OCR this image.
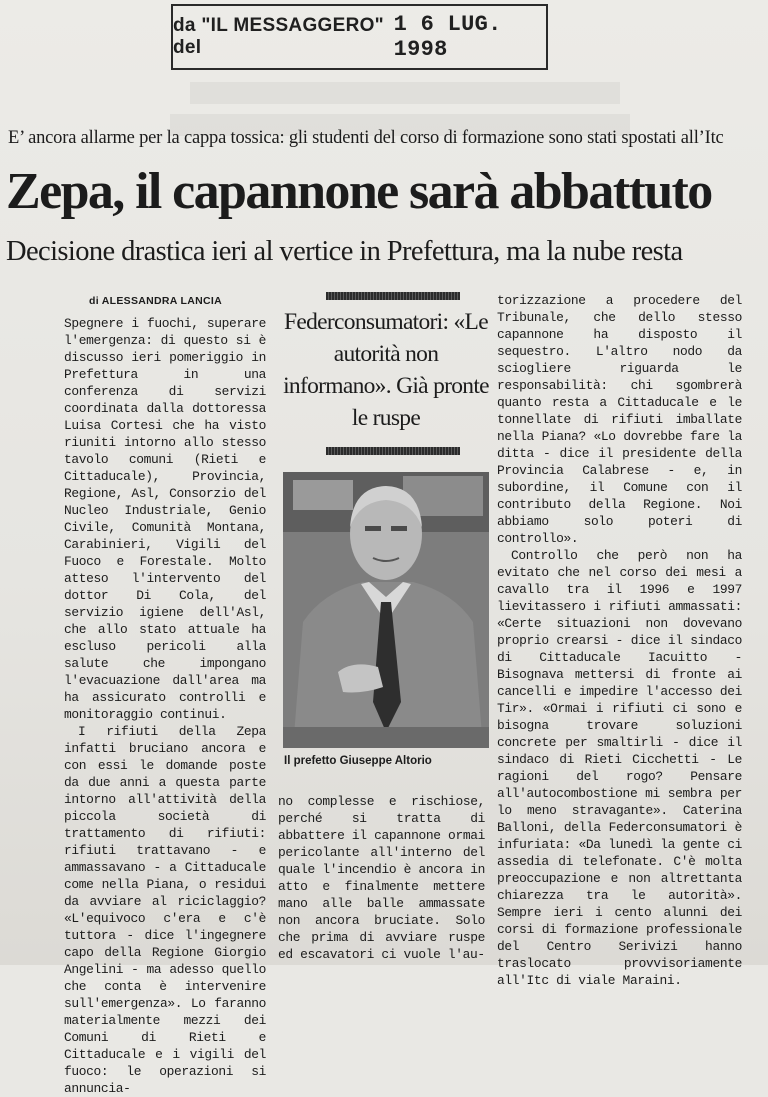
da "IL MESSAGGERO" del
1 6 LUG. 1998
E’ ancora allarme per la cappa tossica: gli studenti del corso di formazione sono stati spostati all’Itc
Zepa, il capannone sarà abbattuto
Decisione drastica ieri al vertice in Prefettura, ma la nube resta
di ALESSANDRA LANCIA

Spegnere i fuochi, superare l'emergenza: di questo si è discusso ieri pomeriggio in Prefettura in una conferenza di servizi coordinata dalla dottoressa Luisa Cortesi che ha visto riuniti intorno allo stesso tavolo comuni (Rieti e Cittaducale), Provincia, Regione, Asl, Consorzio del Nucleo Industriale, Genio Civile, Comunità Montana, Carabinieri, Vigili del Fuoco e Forestale. Molto atteso l'intervento del dottor Di Cola, del servizio igiene dell'Asl, che allo stato attuale ha escluso pericoli alla salute che impongano l'evacuazione dall'area ma ha assicurato controlli e monitoraggio continui.

I rifiuti della Zepa infatti bruciano ancora e con essi le domande poste da due anni a questa parte intorno all'attività della piccola società di trattamento di rifiuti: rifiuti trattavano - e ammassavano - a Cittaducale come nella Piana, o residui da avviare al riciclaggio? «L'equivoco c'era e c'è tuttora - dice l'ingegnere capo della Regione Giorgio Angelini - ma adesso quello che conta è intervenire sull'emergenza». Lo faranno materialmente mezzi dei Comuni di Rieti e Cittaducale e i vigili del fuoco: le operazioni si annuncia-

Federconsumatori: «Le autorità non informano». Già pronte le ruspe
Il prefetto Giuseppe Altorio

no complesse e rischiose, perché si tratta di abbattere il capannone ormai pericolante all'interno del quale l'incendio è ancora in atto e finalmente mettere mano alle balle ammassate non ancora bruciate. Solo che prima di avviare ruspe ed escavatori ci vuole l'au-

torizzazione a procedere del Tribunale, che dello stesso capannone ha disposto il sequestro. L'altro nodo da sciogliere riguarda le responsabilità: chi sgombrerà quanto resta a Cittaducale e le tonnellate di rifiuti imballate nella Piana? «Lo dovrebbe fare la ditta - dice il presidente della Provincia Calabrese - e, in subordine, il Comune con il contributo della Regione. Noi abbiamo solo poteri di controllo».

Controllo che però non ha evitato che nel corso dei mesi a cavallo tra il 1996 e 1997 lievitassero i rifiuti ammassati: «Certe situazioni non dovevano proprio crearsi - dice il sindaco di Cittaducale Iacuitto - Bisognava mettersi di fronte ai cancelli e impedire l'accesso dei Tir». «Ormai i rifiuti ci sono e bisogna trovare soluzioni concrete per smaltirli - dice il sindaco di Rieti Cicchetti - Le ragioni del rogo? Pensare all'autocombostione mi sembra per lo meno stravagante». Caterina Balloni, della Federconsumatori è infuriata: «Da lunedì la gente ci assedia di telefonate. C'è molta preoccupazione e non altrettanta chiarezza tra le autorità». Sempre ieri i cento alunni dei corsi di formazione professionale del Centro Serivizi hanno traslocato provvisoriamente all'Itc di viale Maraini.
